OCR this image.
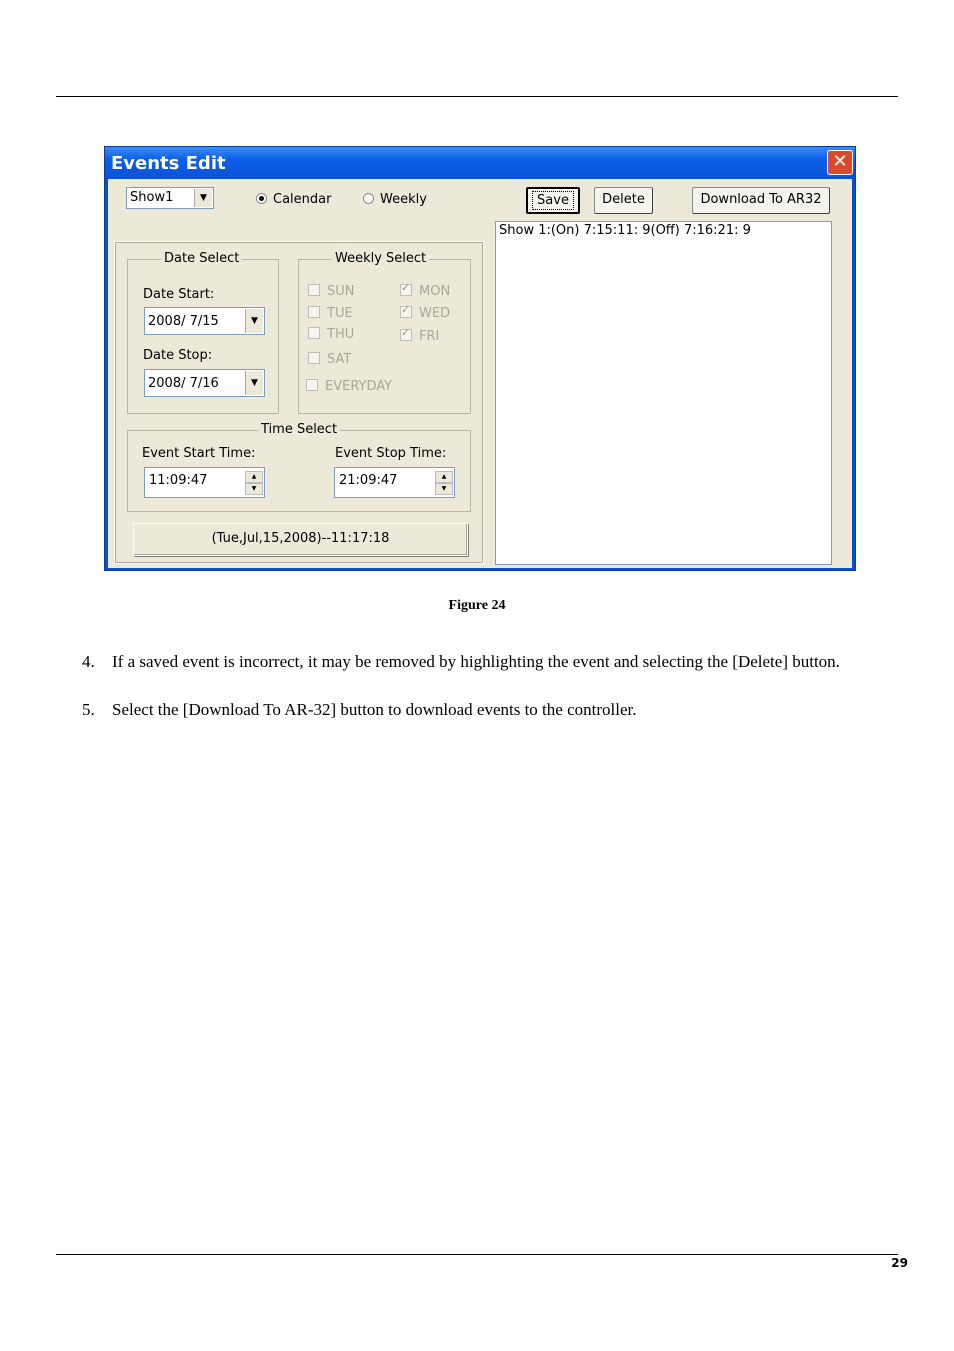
Events Edit	✕
Show1	▼	Calendar	Weekly	Save	Delete	Download To AR32
Date Select
Date Start:
2008/ 7/15	▼
Date Stop:
2008/ 7/16	▼
Weekly Select
SUN ✓	MON
TUE ✓	WED
THU ✓	FRI
SAT
EVERYDAY
Time Select
Event Start Time:	Event Stop Time:
11:09:47	▲
▼
21:09:47	▲
▼
(Tue,Jul,15,2008)--11:17:18
Show 1:(On) 7:15:11: 9(Off) 7:16:21: 9
Figure 24
4. If a saved event is incorrect, it may be removed by highlighting the event and selecting the [Delete] button.
5. Select the [Download To AR-32] button to download events to the controller.
29
